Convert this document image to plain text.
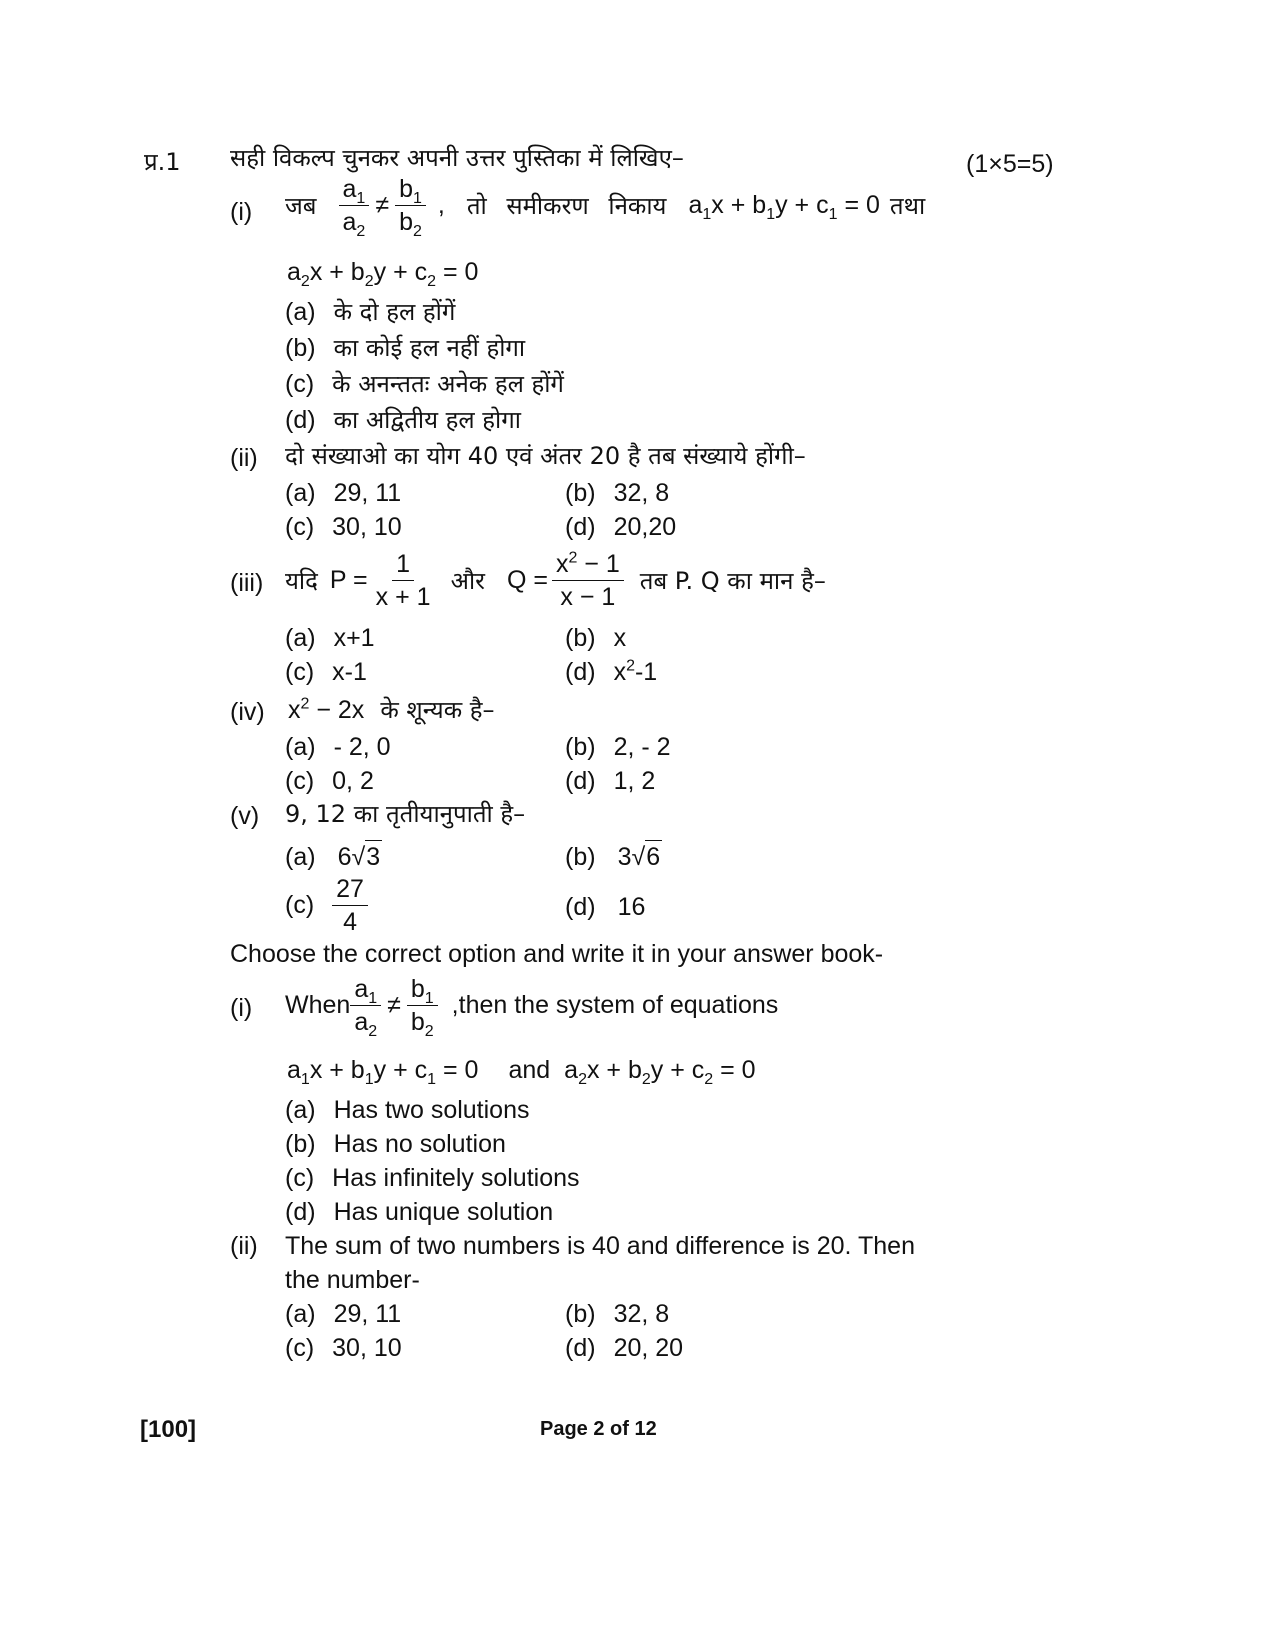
प्र.1 सही विकल्प चुनकर अपनी उत्तर पुस्तिका में लिखिए–	(1×5=5)
(i) जब $\frac{a_1}{a_2} \ne \frac{b_1}{b_2}$ , तो समीकरण निकाय $a_1x + b_1y + c_1 = 0$ तथा
$a_2x + b_2y + c_2 = 0$
(a) के दो हल होंगें
(b) का कोई हल नहीं होगा
(c) के अनन्ततः अनेक हल होंगें
(d) का अद्वितीय हल होगा
(ii) दो संख्याओ का योग 40 एवं अंतर 20 है तब संख्याये होंगी–
(a) 29, 11	(b) 32, 8
(c) 30, 10	(d) 20,20
(iii) यदि $P = \frac{1}{x + 1}$ और $Q = \frac{x^2 - 1}{x - 1}$ तब P. Q का मान है–
(a) x+1	(b) x
(c) x-1	(d) $x^2-1$
(iv) $x^2 - 2x$ के शून्यक है–
(a) - 2, 0	(b) 2, - 2
(c) 0, 2	(d) 1, 2
(v) 9, 12 का तृतीयानुपाती है–
(a) 6√3	(b) 3√6
$(c) \frac{27}{4}$	(d) 16
Choose the correct option and write it in your answer book-
(i) When $\frac{a_1}{a_2} \ne \frac{b_1}{b_2}$ ,then the system of equations
$a_1x + b_1y + c_1 = 0$ and $a_2x + b_2y + c_2 = 0$
(a) Has two solutions
(b) Has no solution
(c) Has infinitely solutions
(d) Has unique solution
(ii) The sum of two numbers is 40 and difference is 20. Then
the number-
(a) 29, 11	(b) 32, 8
(c) 30, 10	(d) 20, 20
[100]	Page 2 of 12
